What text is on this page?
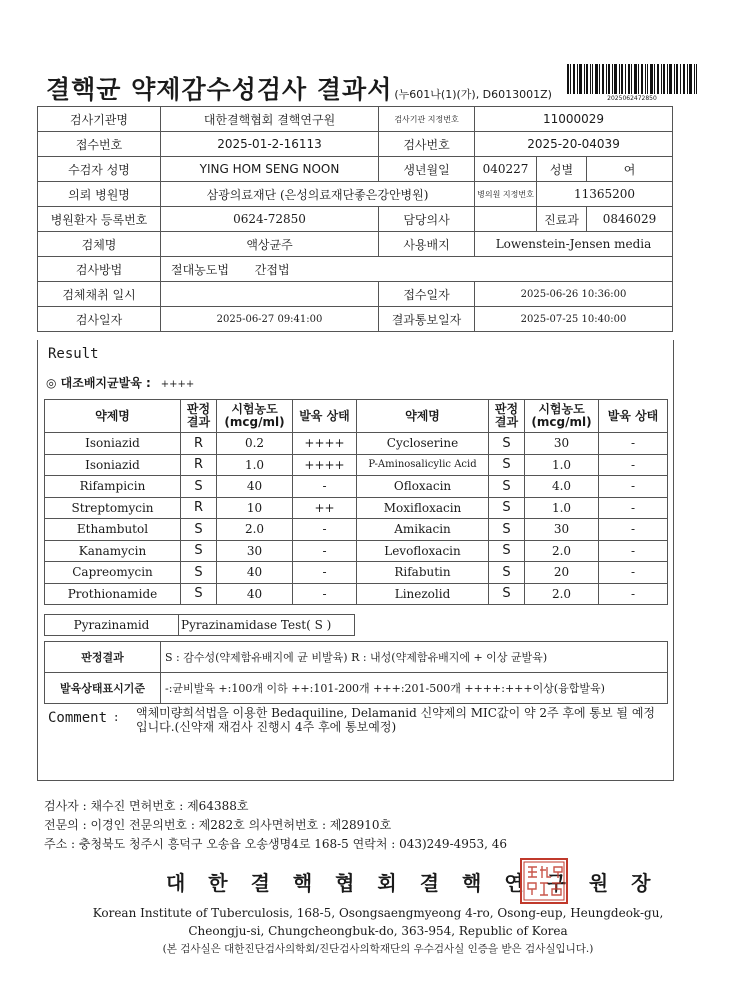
결핵균 약제감수성검사 결과서 (누601나(1)(가), D6013001Z)	2025062472850
검사기관명	대한결핵협회 결핵연구원	검사기관 지정번호	11000029		
접수번호	2025-01-2-16113	검사번호	2025-20-04039		
수검자 성명	YING HOM SENG NOON	생년월일	040227	성별	여
의뢰 병원명	삼광의료재단 (은성의료재단좋은강안병원)		병의원 지정번호	11365200	
병원환자 등록번호	0624-72850	담당의사		진료과	0846029
검체명	액상균주	사용배지	Lowenstein-Jensen media		
검사방법	절대농도법 간접법				
검체채취 일시		접수일자	2025-06-26 10:36:00		
검사일자	2025-06-27 09:41:00	결과통보일자	2025-07-25 10:40:00		
Result
◎ 대조배지균발육 : ++++
약제명	판정 결과	시험농도 (mcg/ml)	발육 상태	약제명	판정 결과	시험농도 (mcg/ml)	발육 상태
Isoniazid	R	0.2	++++	Cycloserine	S	30	-
Isoniazid	R	1.0	++++	P-Aminosalicylic Acid	S	1.0	-
Rifampicin	S	40	-	Ofloxacin	S	4.0	-
Streptomycin	R	10	++	Moxifloxacin	S	1.0	-
Ethambutol	S	2.0	-	Amikacin	S	30	-
Kanamycin	S	30	-	Levofloxacin	S	2.0	-
Capreomycin	S	40	-	Rifabutin	S	20	-
Prothionamide	S	40	-	Linezolid	S	2.0	-
Pyrazinamid	Pyrazinamidase Test( S )
판정결과	S : 감수성(약제함유배지에 균 비발육) R : 내성(약제함유배지에 + 이상 균발육)
발육상태표시기준	-:균비발육 +:100개 이하 ++:101-200개 +++:201-500개 ++++:+++이상(융합발육)
Comment : 액체미량희석법을 이용한 Bedaquiline, Delamanid 신약제의 MIC값이 약 2주 후에 통보 될 예정입니다.(신약재 재검사 진행시 4주 후에 통보예정)
검사자 : 채수진 면허번호 : 제64388호
전문의 : 이경인 전문의번호 : 제282호 의사면허번호 : 제28910호
주소 : 충청북도 청주시 흥덕구 오송읍 오송생명4로 168-5 연락처 : 043)249-4953, 46
대 한 결 핵 협 회 결 핵 연 구 원 장
Korean Institute of Tuberculosis, 168-5, Osongsaengmyeong 4-ro, Osong-eup, Heungdeok-gu,
Cheongju-si, Chungcheongbuk-do, 363-954, Republic of Korea
(본 검사실은 대한진단검사의학회/진단검사의학재단의 우수검사실 인증을 받은 검사실입니다.)
